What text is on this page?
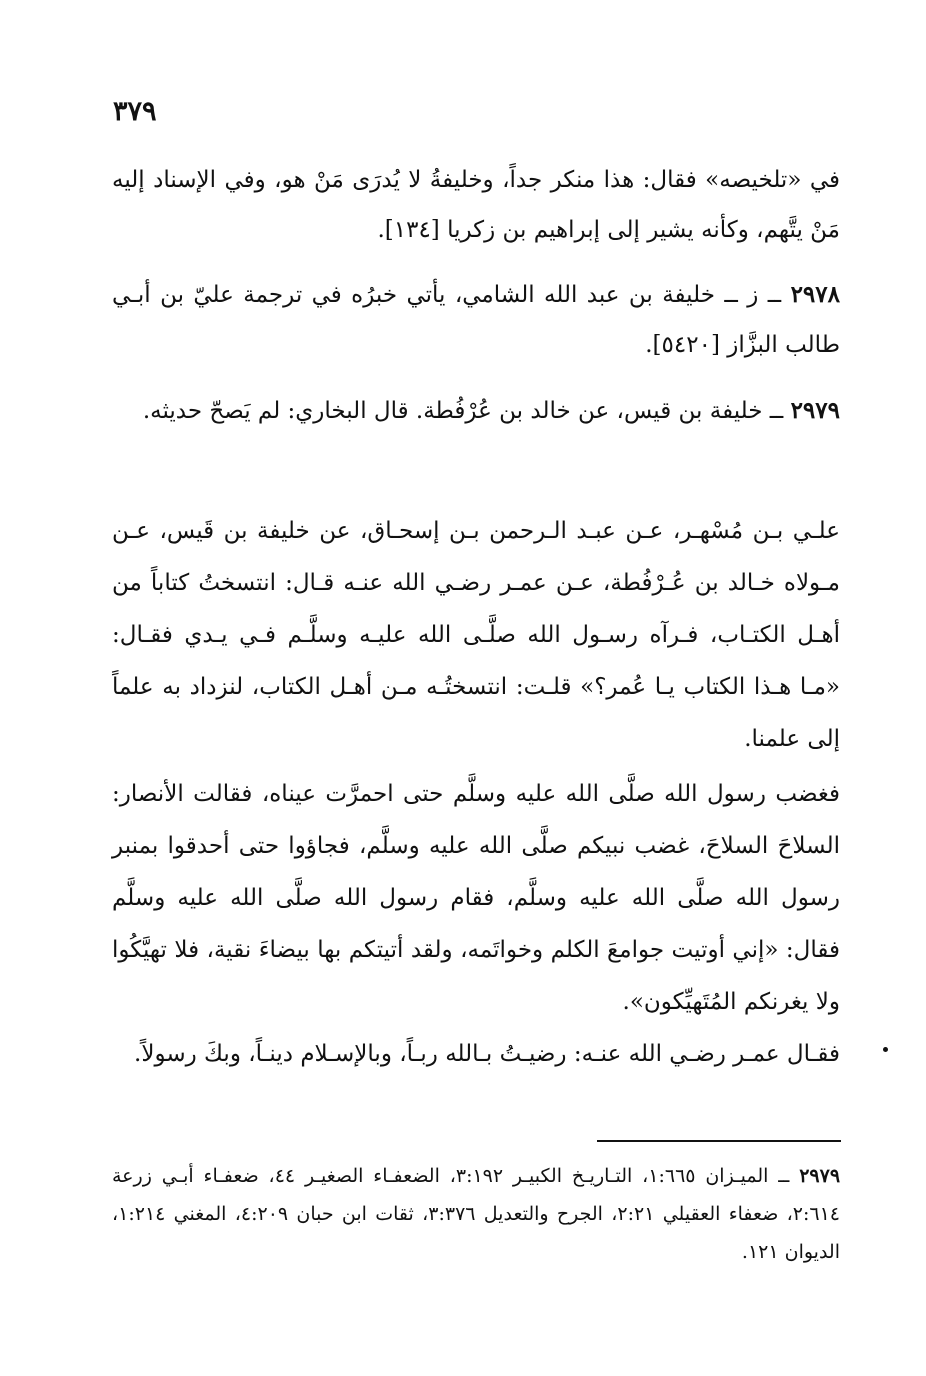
٣٧٩

في «تلخيصه» فقال: هذا منكر جداً، وخليفةُ لا يُدرَى مَنْ هو، وفي الإسناد إليه مَنْ يتَّهم، وكأنه يشير إلى إبراهيم بن زكريا [١٣٤].

٢٩٧٨ ــ ز ــ خليفة بن عبد الله الشامي، يأتي خبرُه في ترجمة عليّ بن أبـي طالب البزَّاز [٥٤٢٠].

٢٩٧٩ ــ خليفة بن قيس، عن خالد بن عُرْفُطة. قال البخاري: لم يَصحّ حديثه.

علـي بـن مُسْهـر، عـن عبـد الـرحمن بـن إسحـاق، عن خليفة بن قَيس، عـن مـولاه خـالد بن عُـرْفُطة، عـن عمـر رضـي الله عنـه قـال: انتسختُ كتاباً من أهـل الكتـاب، فـرآه رسـول الله صلَّـى الله عليـه وسلَّـم فـي يـدي فقـال: «مـا هـذا الكتاب يـا عُمر؟» قلـت: انتسختُـه مـن أهـل الكتاب، لنزداد به علماً إلى علمنا.

فغضب رسول الله صلَّى الله عليه وسلَّم حتى احمرَّت عيناه، فقالت الأنصار: السلاحَ السلاحَ، غضب نبيكم صلَّى الله عليه وسلَّم، فجاؤوا حتى أحدقوا بمنبر رسول الله صلَّى الله عليه وسلَّم، فقام رسول الله صلَّى الله عليه وسلَّم فقال: «إني أوتيت جوامعَ الكلم وخواتَمه، ولقد أتيتكم بها بيضاءَ نقية، فلا تهيَّكُوا ولا يغرنكم المُتَهيِّكون».

فقـال عمـر رضـي الله عنـه: رضيـتُ بـالله ربـاً، وبالإسـلام دينـاً، وبكَ رسولاً.

٢٩٧٩ ــ الميـزان ١:٦٦٥، التـاريـخ الكبيـر ٣:١٩٢، الضعفـاء الصغيـر ٤٤، ضعفـاء أبـي زرعة ٢:٦١٤، ضعفاء العقيلي ٢:٢١، الجرح والتعديل ٣:٣٧٦، ثقات ابن حبان ٤:٢٠٩، المغني ١:٢١٤، الديوان ١٢١.
